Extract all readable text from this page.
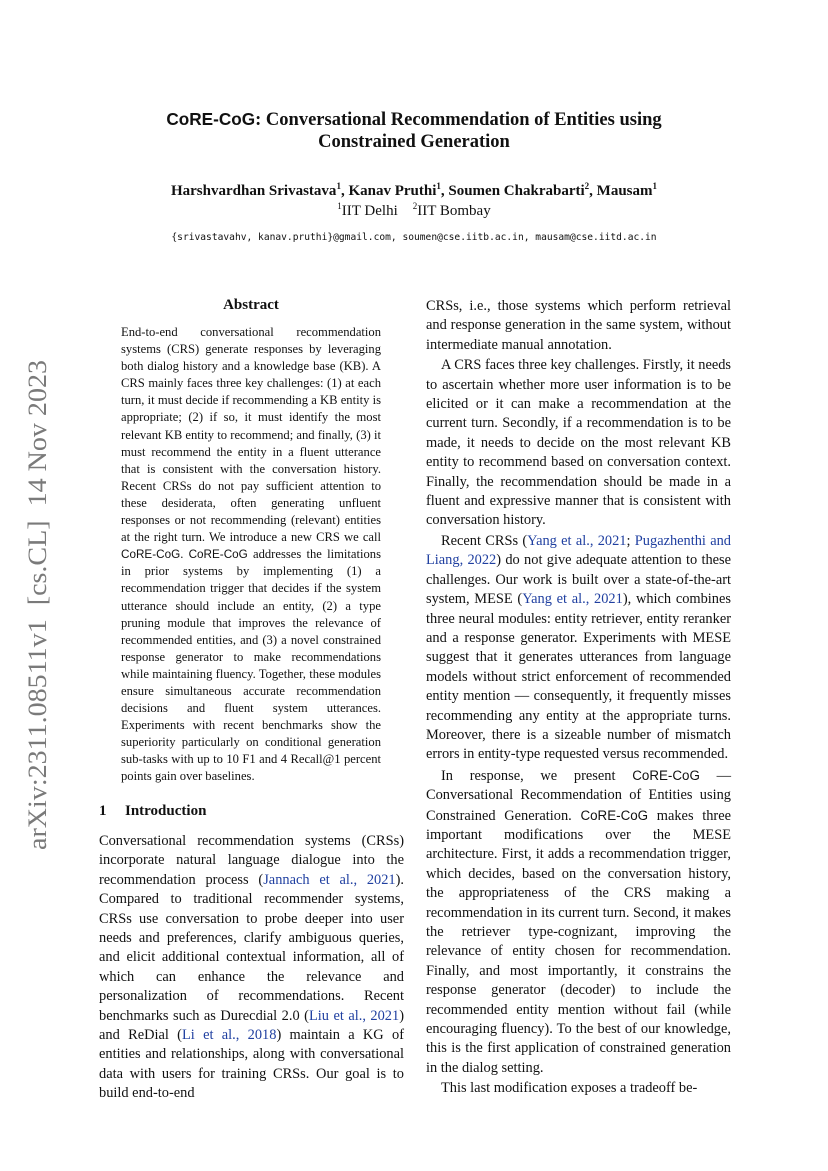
CoRE-CoG: Conversational Recommendation of Entities using
Constrained Generation
Harshvardhan Srivastava$^1$, Kanav Pruthi$^1$, Soumen Chakrabarti$^2$, Mausam$^1$
$^1$IIT Delhi  $^2$IIT Bombay
{srivastavahv, kanav.pruthi}@gmail.com, soumen@cse.iitb.ac.in, mausam@cse.iitd.ac.in
arXiv:2311.08511v1  [cs.CL]  14 Nov 2023
Abstract
End-to-end conversational recommendation systems (CRS) generate responses by leveraging both dialog history and a knowledge base (KB). A CRS mainly faces three key challenges: (1) at each turn, it must decide if recommending a KB entity is appropriate; (2) if so, it must identify the most relevant KB entity to recommend; and finally, (3) it must recommend the entity in a fluent utterance that is consistent with the conversation history. Recent CRSs do not pay sufficient attention to these desiderata, often generating unfluent responses or not recommending (relevant) entities at the right turn. We introduce a new CRS we call CoRE-CoG. CoRE-CoG addresses the limitations in prior systems by implementing (1) a recommendation trigger that decides if the system utterance should include an entity, (2) a type pruning module that improves the relevance of recommended entities, and (3) a novel constrained response generator to make recommendations while maintaining fluency. Together, these modules ensure simultaneous accurate recommendation decisions and fluent system utterances. Experiments with recent benchmarks show the superiority particularly on conditional generation sub-tasks with up to 10 F1 and 4 Recall@1 percent points gain over baselines.
1 Introduction
Conversational recommendation systems (CRSs) incorporate natural language dialogue into the recommendation process (Jannach et al., 2021). Compared to traditional recommender systems, CRSs use conversation to probe deeper into user needs and preferences, clarify ambiguous queries, and elicit additional contextual information, all of which can enhance the relevance and personalization of recommendations. Recent benchmarks such as Durecdial 2.0 (Liu et al., 2021) and ReDial (Li et al., 2018) maintain a KG of entities and relationships, along with conversational data with users for training CRSs. Our goal is to build end-to-end

CRSs, i.e., those systems which perform retrieval and response generation in the same system, without intermediate manual annotation.

A CRS faces three key challenges. Firstly, it needs to ascertain whether more user information is to be elicited or it can make a recommendation at the current turn. Secondly, if a recommendation is to be made, it needs to decide on the most relevant KB entity to recommend based on conversation context. Finally, the recommendation should be made in a fluent and expressive manner that is consistent with conversation history.

Recent CRSs (Yang et al., 2021; Pugazhenthi and Liang, 2022) do not give adequate attention to these challenges. Our work is built over a state-of-the-art system, MESE (Yang et al., 2021), which combines three neural modules: entity retriever, entity reranker and a response generator. Experiments with MESE suggest that it generates utterances from language models without strict enforcement of recommended entity mention — consequently, it frequently misses recommending any entity at the appropriate turns. Moreover, there is a sizeable number of mismatch errors in entity-type requested versus recommended.

In response, we present CoRE-CoG — Conversational Recommendation of Entities using Constrained Generation. CoRE-CoG makes three important modifications over the MESE architecture. First, it adds a recommendation trigger, which decides, based on the conversation history, the appropriateness of the CRS making a recommendation in its current turn. Second, it makes the retriever type-cognizant, improving the relevance of entity chosen for recommendation. Finally, and most importantly, it constrains the response generator (decoder) to include the recommended entity mention without fail (while encouraging fluency). To the best of our knowledge, this is the first application of constrained generation in the dialog setting.

This last modification exposes a tradeoff be-
